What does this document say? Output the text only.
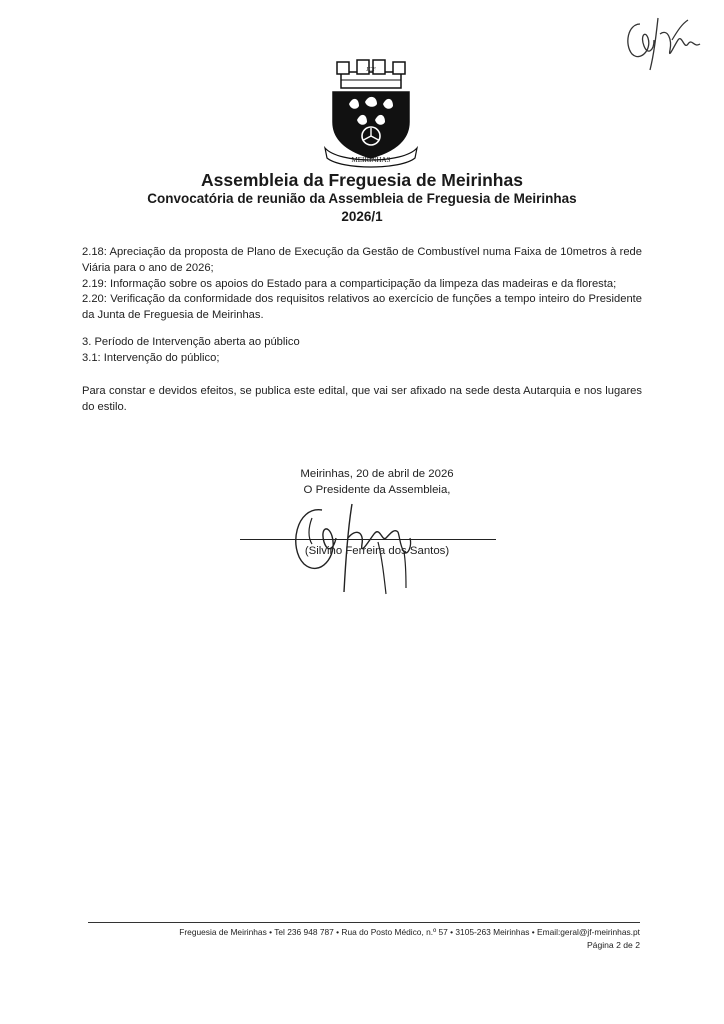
JCF
MEIRINHAS
Assembleia da Freguesia de Meirinhas
Convocatória de reunião da Assembleia de Freguesia de Meirinhas
2026/1

2.18: Apreciação da proposta de Plano de Execução da Gestão de Combustível numa Faixa de 10metros à rede Viária para o ano de 2026;

2.19: Informação sobre os apoios do Estado para a comparticipação da limpeza das madeiras e da floresta;

2.20: Verificação da conformidade dos requisitos relativos ao exercício de funções a tempo inteiro do Presidente da Junta de Freguesia de Meirinhas.

3. Período de Intervenção aberta ao público

3.1: Intervenção do público;

Para constar e devidos efeitos, se publica este edital, que vai ser afixado na sede desta Autarquia e nos lugares do estilo.

Meirinhas, 20 de abril de 2026
O Presidente da Assembleia,
(Silvino Ferreira dos Santos)
Freguesia de Meirinhas • Tel 236 948 787 • Rua do Posto Médico, n.º 57 • 3105-263 Meirinhas • Email:geral@jf-meirinhas.pt
Página 2 de 2
